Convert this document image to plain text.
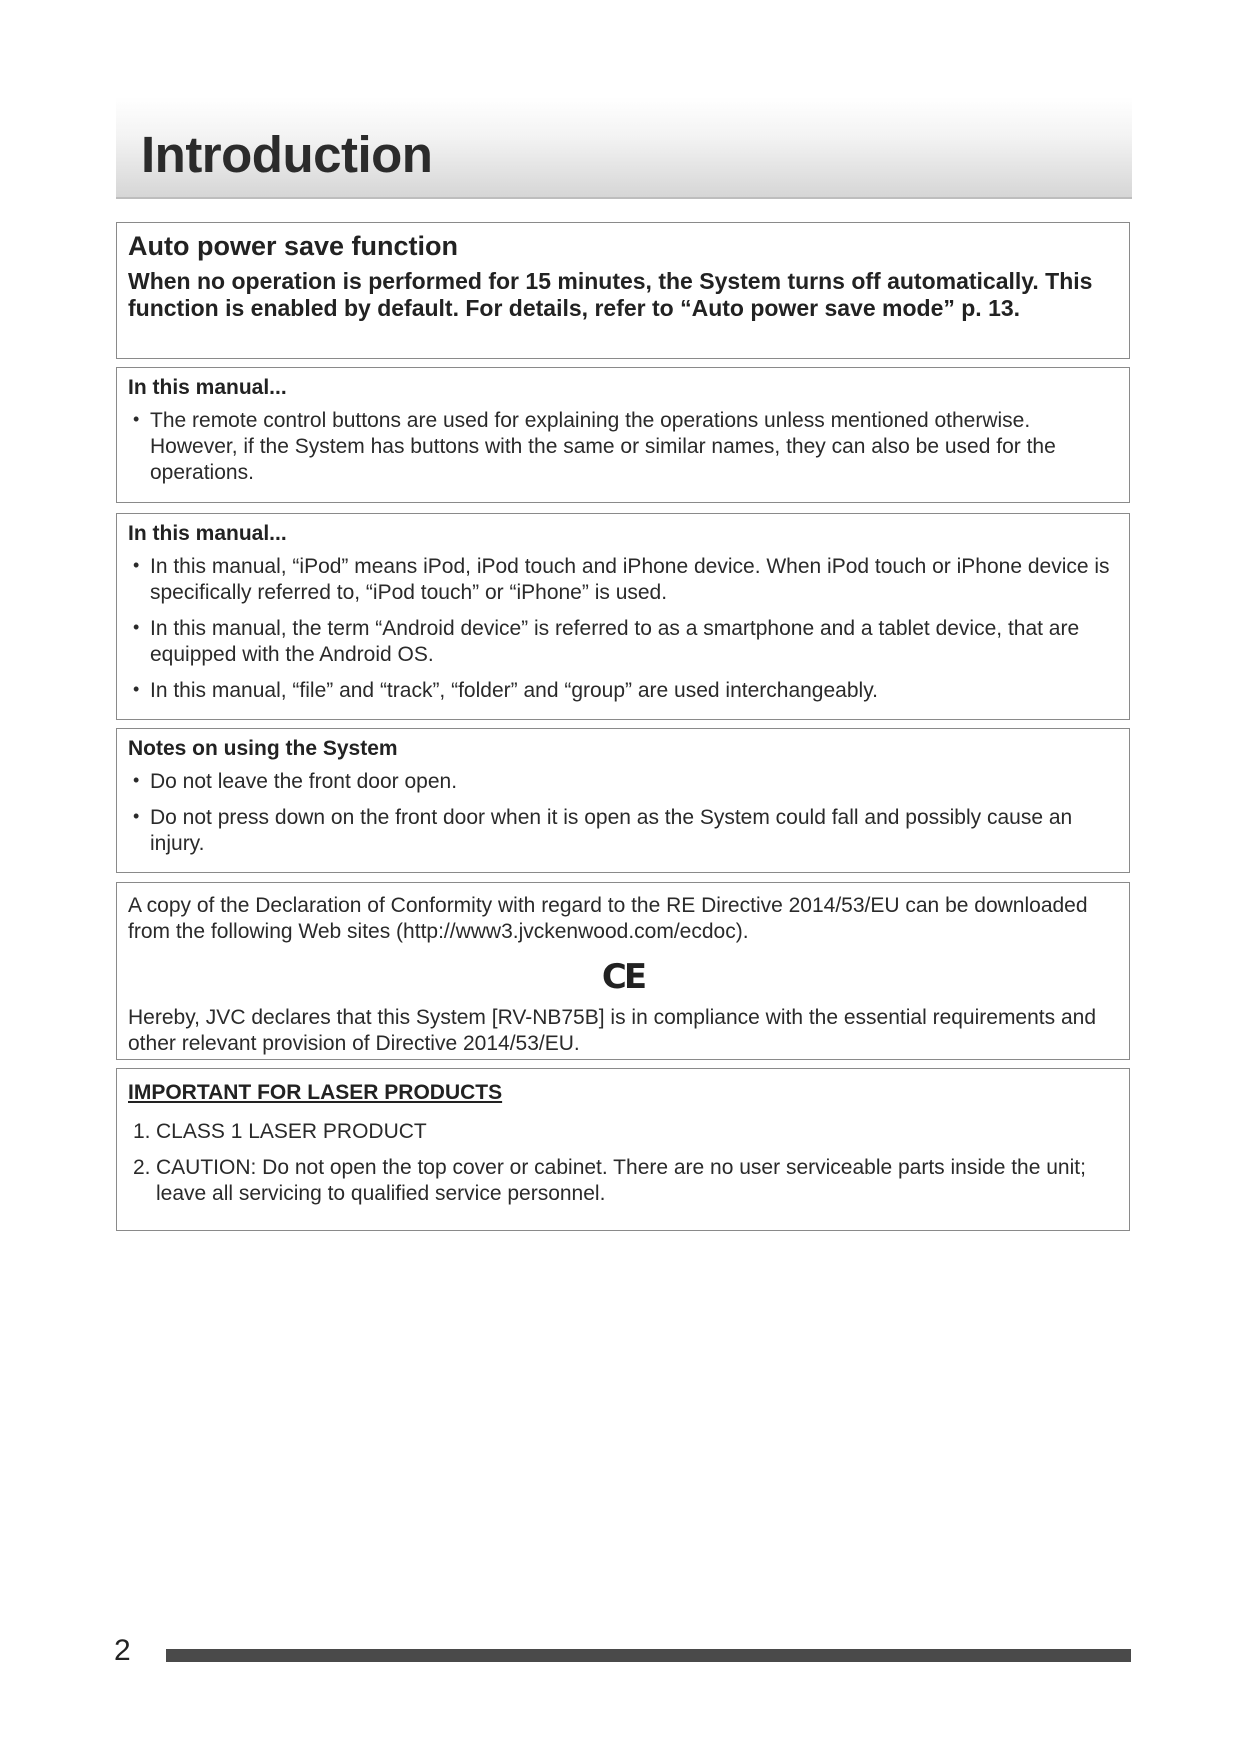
Introduction
Auto power save function
When no operation is performed for 15 minutes, the System turns off automatically. This function is enabled by default. For details, refer to “Auto power save mode” p. 13.
In this manual...
• The remote control buttons are used for explaining the operations unless mentioned otherwise. However, if the System has buttons with the same or similar names, they can also be used for the operations.
In this manual...
• In this manual, “iPod” means iPod, iPod touch and iPhone device. When iPod touch or iPhone device is specifically referred to, “iPod touch” or “iPhone” is used.
• In this manual, the term “Android device” is referred to as a smartphone and a tablet device, that are equipped with the Android OS.
• In this manual, “file” and “track”, “folder” and “group” are used interchangeably.
Notes on using the System
• Do not leave the front door open.
• Do not press down on the front door when it is open as the System could fall and possibly cause an injury.

A copy of the Declaration of Conformity with regard to the RE Directive 2014/53/EU can be downloaded from the following Web sites (http://www3.jvckenwood.com/ecdoc).

CE

Hereby, JVC declares that this System [RV-NB75B] is in compliance with the essential requirements and other relevant provision of Directive 2014/53/EU.

IMPORTANT FOR LASER PRODUCTS
1. CLASS 1 LASER PRODUCT
2. CAUTION: Do not open the top cover or cabinet. There are no user serviceable parts inside the unit; leave all servicing to qualified service personnel.
2
